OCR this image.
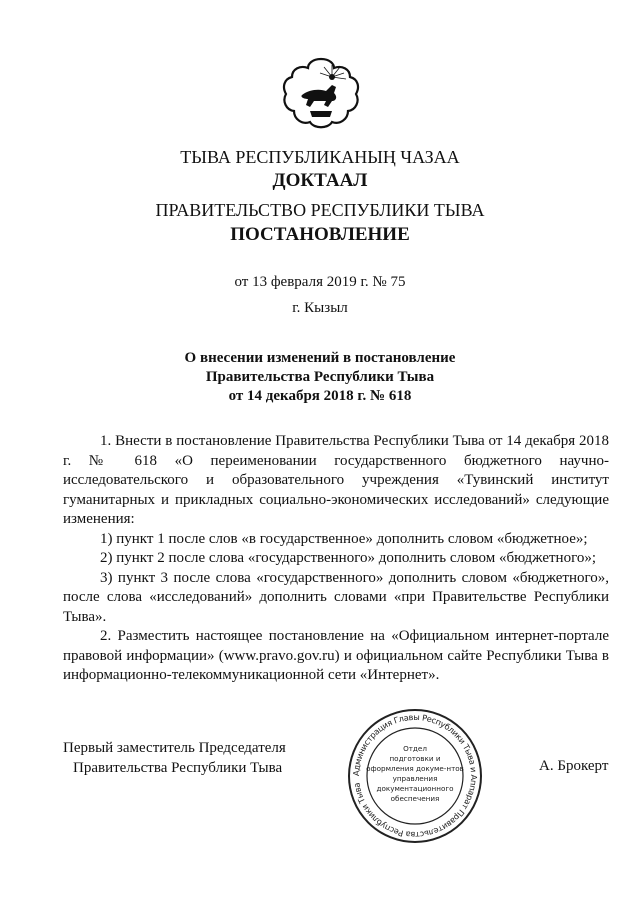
ТЫВА РЕСПУБЛИКАНЫҢ ЧАЗАА
ДОКТААЛ
ПРАВИТЕЛЬСТВО РЕСПУБЛИКИ ТЫВА
ПОСТАНОВЛЕНИЕ
от 13 февраля 2019 г. № 75
г. Кызыл
О внесении изменений в постановление
Правительства Республики Тыва
от 14 декабря 2018 г. № 618

1. Внести в постановление Правительства Республики Тыва от 14 декабря 2018 г. № 618 «О переименовании государственного бюджетного научно-исследовательского и образовательного учреждения «Тувинский институт гуманитарных и прикладных социально-экономических исследований» следующие изменения:

1) пункт 1 после слов «в государственное» дополнить словом «бюджетное»;

2) пункт 2 после слова «государственного» дополнить словом «бюджетного»;

3) пункт 3 после слова «государственного» дополнить словом «бюджетного», после слова «исследований» дополнить словами «при Правительстве Республики Тыва».

2. Разместить настоящее постановление на «Официальном интернет-портале правовой информации» (www.pravo.gov.ru) и официальном сайте Республики Тыва в информационно-телекоммуникационной сети «Интернет».

Первый заместитель Председателя
Правительства Республики Тыва	Администрация Главы Республики Тыва и Аппарат Правительства Республики Тыва
Отдел
подготовки и
оформления докуме-нтов
управления
документационного
обеспечения
А. Брокерт
